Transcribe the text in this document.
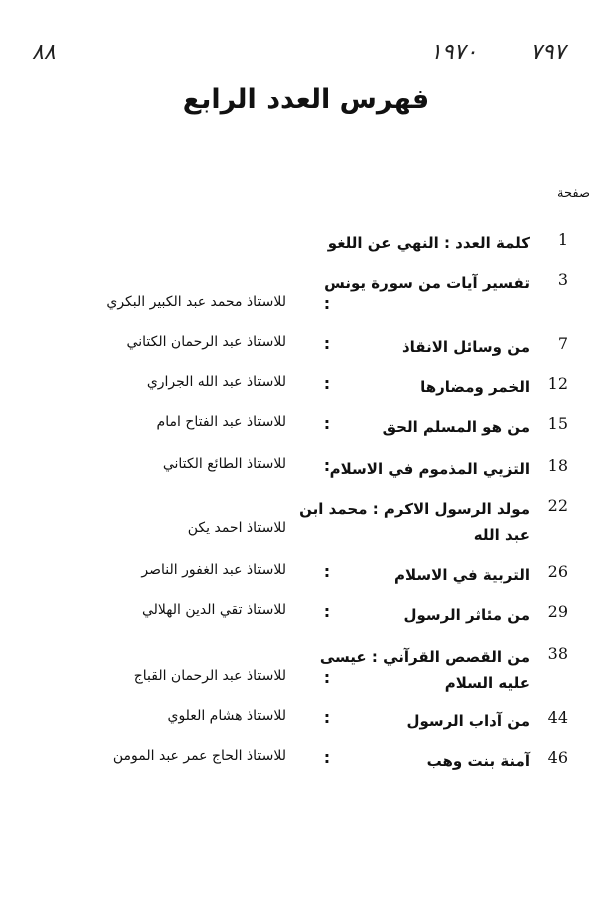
٨٨	١٩٧٠ ٧٩٧
فهرس العدد الرابع
صفحة
1
كلمة العدد : النهي عن اللغو
3
تفسير آيات من سورة يونس
:
للاستاذ محمد عبد الكبير البكري
7
من وسائل الانقاذ
:
للاستاذ عبد الرحمان الكتاني
12
الخمر ومضارها
:
للاستاذ عبد الله الجراري
15
من هو المسلم الحق
:
للاستاذ عبد الفتاح امام
18
التزيي المذموم في الاسلام
:
للاستاذ الطائع الكتاني
22
مولد الرسول الاكرم : محمد ابن عبد الله
للاستاذ احمد يكن
26
التربية في الاسلام
:
للاستاذ عبد الغفور الناصر
29
من مئاثر الرسول
:
للاستاذ تقي الدين الهلالي
38
من القصص القرآني : عيسى عليه السلام
:
للاستاذ عبد الرحمان القباج
44
من آداب الرسول
:
للاستاذ هشام العلوي
46
آمنة بنت وهب
:
للاستاذ الحاج عمر عبد المومن
